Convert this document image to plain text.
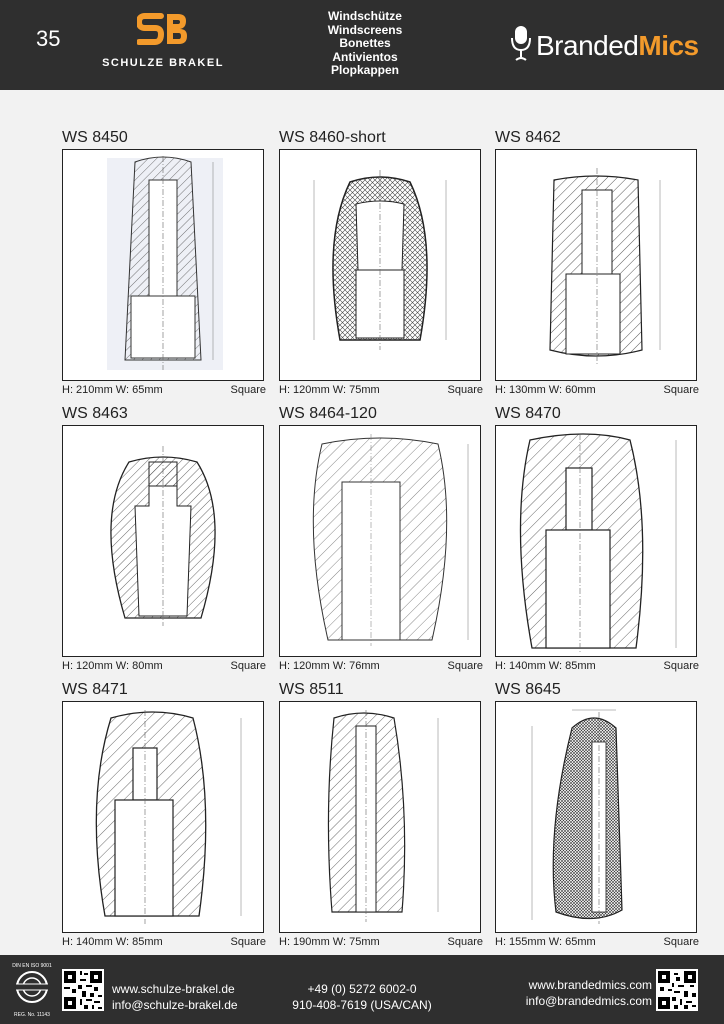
35
SCHULZE BRAKEL
Windschütze
Windscreens
Bonettes
Antivientos
Plopkappen
Branded Mics
WS 8450
H: 210mm W: 65mm	Square
WS 8460-short
H: 120mm W: 75mm	Square
WS 8462
H: 130mm W: 60mm	Square
WS 8463
H: 120mm W: 80mm	Square
WS 8464-120
H: 120mm W: 76mm	Square
WS 8470
H: 140mm W: 85mm	Square
WS 8471
H: 140mm W: 85mm	Square
WS 8511
H: 190mm W: 75mm	Square
WS 8645
H: 155mm W: 65mm	Square
DIN EN ISO 9001
REG. No. 11143
www.schulze-brakel.de
info@schulze-brakel.de
+49 (0) 5272 6002-0
910-408-7619 (USA/CAN)
www.brandedmics.com
info@brandedmics.com
